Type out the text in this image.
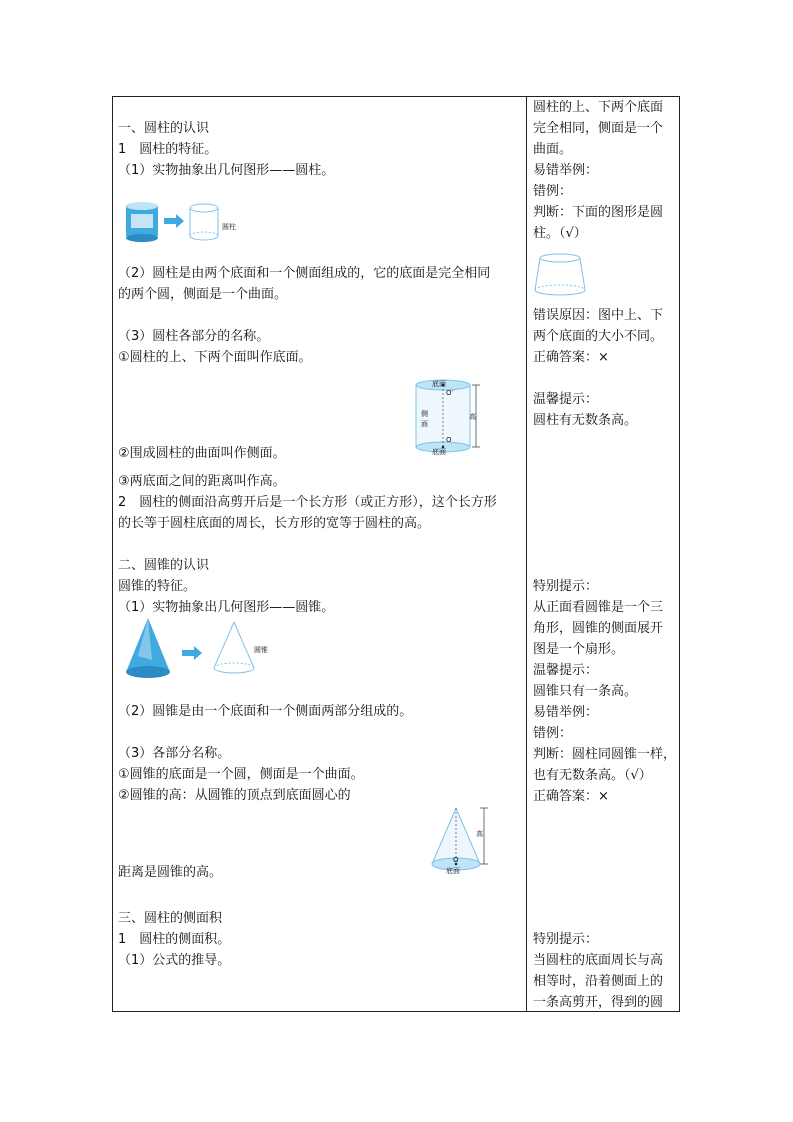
一、圆柱的认识
1　圆柱的特征。
（1）实物抽象出几何图形——圆柱。
圆柱
（2）圆柱是由两个底面和一个侧面组成的，它的底面是完全相同
的两个圆，侧面是一个曲面。
（3）圆柱各部分的名称。
①圆柱的上、下两个面叫作底面。
底面
O′
侧
面
高
O
底面
②围成圆柱的曲面叫作侧面。
③两底面之间的距离叫作高。
2　圆柱的侧面沿高剪开后是一个长方形（或正方形），这个长方形
的长等于圆柱底面的周长，长方形的宽等于圆柱的高。
二、圆锥的认识
圆锥的特征。
（1）实物抽象出几何图形——圆锥。
圆锥
（2）圆锥是由一个底面和一个侧面两部分组成的。
（3）各部分名称。
①圆锥的底面是一个圆，侧面是一个曲面。
②圆锥的高：从圆锥的顶点到底面圆心的
高
O
底面
距离是圆锥的高。
三、圆柱的侧面积
1　圆柱的侧面积。
（1）公式的推导。
圆柱的上、下两个底面
完全相同，侧面是一个
曲面。
易错举例：
错例：
判断：下面的图形是圆
柱。（√）
错误原因：图中上、下
两个底面的大小不同。
正确答案：×
温馨提示：
圆柱有无数条高。
特别提示：
从正面看圆锥是一个三
角形，圆锥的侧面展开
图是一个扇形。
温馨提示：
圆锥只有一条高。
易错举例：
错例：
判断：圆柱同圆锥一样，
也有无数条高。（√）
正确答案：×
特别提示：
当圆柱的底面周长与高
相等时，沿着侧面上的
一条高剪开，得到的圆
